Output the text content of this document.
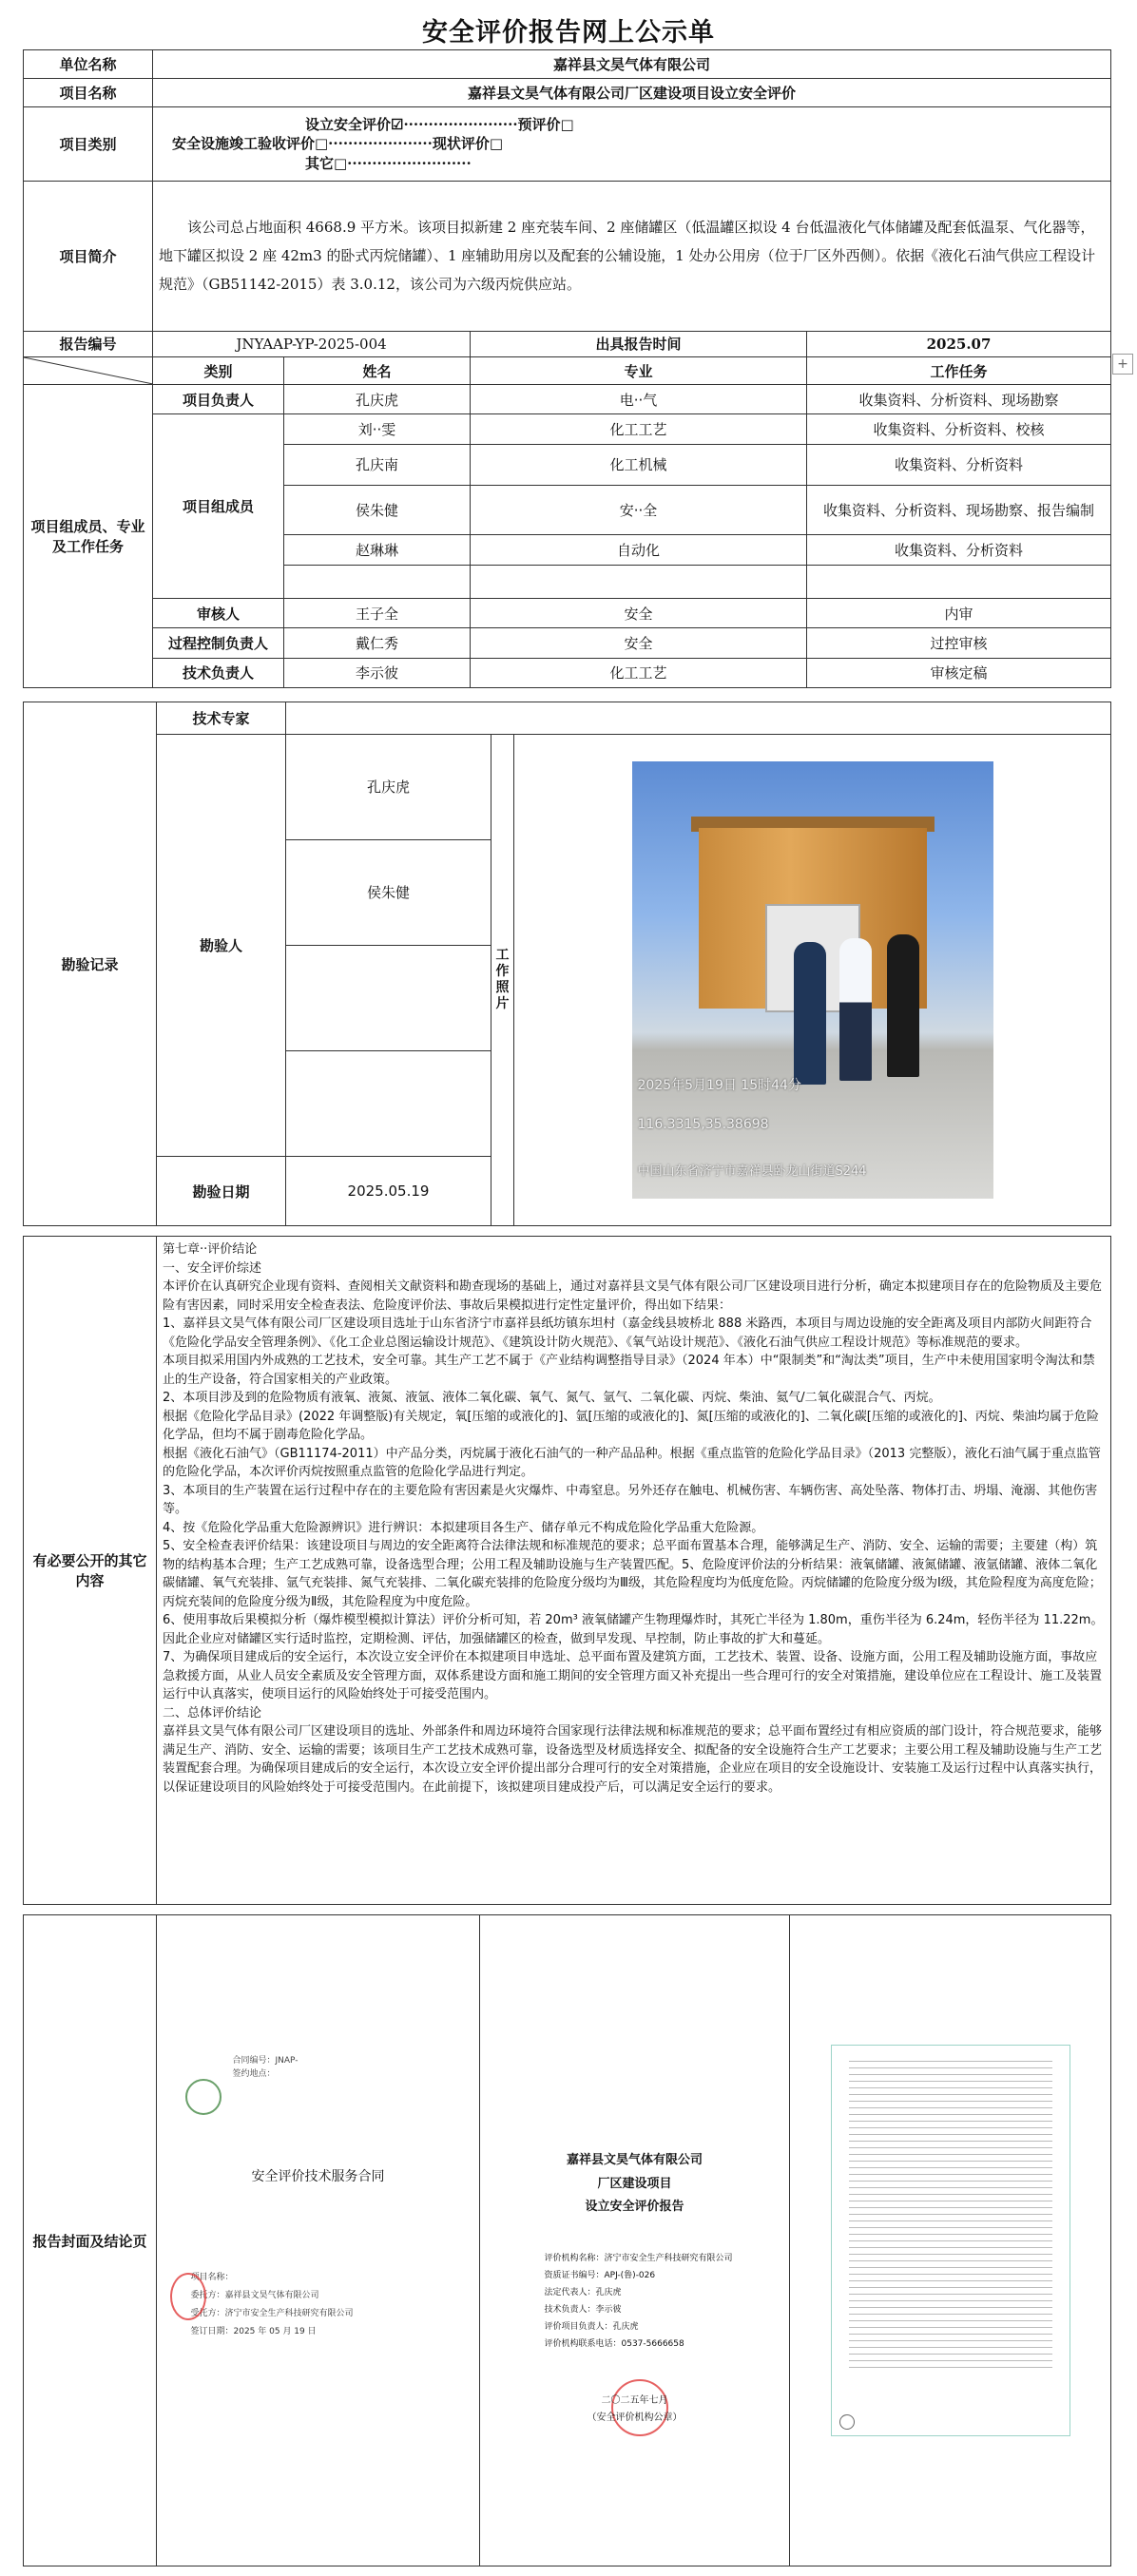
安全评价报告网上公示单
单位名称	嘉祥县文昊气体有限公司			
项目名称	嘉祥县文昊气体有限公司厂区建设项目设立安全评价			
项目类别	设立安全评价☑·······················预评价□
安全设施竣工验收评价□·····················现状评价□
其它□·························			

项目简介	该公司总占地面积 4668.9 平方米。该项目拟新建 2 座充装车间、2 座储罐区（低温罐区拟设 4 台低温液化气体储罐及配套低温泵、气化器等，地下罐区拟设 2 座 42m3 的卧式丙烷储罐）、1 座辅助用房以及配套的公辅设施，1 处办公用房（位于厂区外西侧）。依据《液化石油气供应工程设计规范》（GB51142-2015）表 3.0.12，该公司为六级丙烷供应站。			
报告编号	JNYAAP-YP-2025-004		出具报告时间	2025.07

	类别	姓名	专业	工作任务
项目组成员、专业及工作任务	项目负责人	孔庆虎	电··气	收集资料、分析资料、现场勘察
	项目组成员	刘··雯	化工工艺	收集资料、分析资料、校核
		孔庆南	化工机械	收集资料、分析资料
		侯朱健	安··全	收集资料、分析资料、现场勘察、报告编制
		赵琳琳	自动化	收集资料、分析资料

	审核人	王子全	安全	内审
	过程控制负责人	戴仁秀	安全	过控审核
	技术负责人	李示彼	化工工艺	审核定稿
勘验记录	技术专家			
	勘验人	孔庆虎	工作照片	2025年5月19日 15时44分
116.3315,35.38698
中国山东省济宁市嘉祥县卧龙山街道S244

		侯朱健		

	勘验日期	2025.05.19		
有必要公开的其它内容	
第七章··评价结论
一、安全评价综述
本评价在认真研究企业现有资料、查阅相关文献资料和勘查现场的基础上，通过对嘉祥县文昊气体有限公司厂区建设项目进行分析，确定本拟建项目存在的危险物质及主要危险有害因素，同时采用安全检查表法、危险度评价法、事故后果模拟进行定性定量评价，得出如下结果：
1、嘉祥县文昊气体有限公司厂区建设项目选址于山东省济宁市嘉祥县纸坊镇东坦村（嘉金线县坡桥北 888 米路西，本项目与周边设施的安全距离及项目内部防火间距符合《危险化学品安全管理条例》、《化工企业总图运输设计规范》、《建筑设计防火规范》、《氧气站设计规范》、《液化石油气供应工程设计规范》等标准规范的要求。
本项目拟采用国内外成熟的工艺技术，安全可靠。其生产工艺不属于《产业结构调整指导目录》（2024 年本）中“限制类”和“淘汰类”项目，生产中未使用国家明令淘汰和禁止的生产设备，符合国家相关的产业政策。
2、本项目涉及到的危险物质有液氧、液氮、液氩、液体二氧化碳、氧气、氮气、氩气、二氧化碳、丙烷、柴油、氦气/二氧化碳混合气、丙烷。
根据《危险化学品目录》(2022 年调整版)有关规定，氧[压缩的或液化的]、氩[压缩的或液化的]、氮[压缩的或液化的]、二氧化碳[压缩的或液化的]、丙烷、柴油均属于危险化学品，但均不属于剧毒危险化学品。
根据《液化石油气》（GB11174-2011）中产品分类，丙烷属于液化石油气的一种产品品种。根据《重点监管的危险化学品目录》（2013 完整版），液化石油气属于重点监管的危险化学品，本次评价丙烷按照重点监管的危险化学品进行判定。
3、本项目的生产装置在运行过程中存在的主要危险有害因素是火灾爆炸、中毒窒息。另外还存在触电、机械伤害、车辆伤害、高处坠落、物体打击、坍塌、淹溺、其他伤害等。
4、按《危险化学品重大危险源辨识》进行辨识：本拟建项目各生产、储存单元不构成危险化学品重大危险源。
5、安全检查表评价结果：该建设项目与周边的安全距离符合法律法规和标准规范的要求；总平面布置基本合理，能够满足生产、消防、安全、运输的需要；主要建（构）筑物的结构基本合理；生产工艺成熟可靠，设备选型合理；公用工程及辅助设施与生产装置匹配。5、危险度评价法的分析结果：液氧储罐、液氮储罐、液氩储罐、液体二氧化碳储罐、氧气充装排、氩气充装排、氮气充装排、二氧化碳充装排的危险度分级均为Ⅲ级，其危险程度均为低度危险。丙烷储罐的危险度分级为Ⅰ级，其危险程度为高度危险；丙烷充装间的危险度分级为Ⅱ级，其危险程度为中度危险。
6、使用事故后果模拟分析（爆炸模型模拟计算法）评价分析可知，若 20m³ 液氧储罐产生物理爆炸时，其死亡半径为 1.80m，重伤半径为 6.24m，轻伤半径为 11.22m。因此企业应对储罐区实行适时监控，定期检测、评估，加强储罐区的检查，做到早发现、早控制，防止事故的扩大和蔓延。
7、为确保项目建成后的安全运行，本次设立安全评价在本拟建项目申选址、总平面布置及建筑方面，工艺技术、装置、设备、设施方面，公用工程及辅助设施方面，事故应急救援方面，从业人员安全素质及安全管理方面，双体系建设方面和施工期间的安全管理方面又补充提出一些合理可行的安全对策措施，建设单位应在工程设计、施工及装置运行中认真落实，使项目运行的风险始终处于可接受范围内。
二、总体评价结论
嘉祥县文昊气体有限公司厂区建设项目的选址、外部条件和周边环境符合国家现行法律法规和标准规范的要求；总平面布置经过有相应资质的部门设计，符合规范要求，能够满足生产、消防、安全、运输的需要；该项目生产工艺技术成熟可靠，设备选型及材质选择安全、拟配备的安全设施符合生产工艺要求；主要公用工程及辅助设施与生产工艺装置配套合理。为确保项目建成后的安全运行，本次设立安全评价提出部分合理可行的安全对策措施，企业应在项目的安全设施设计、安装施工及运行过程中认真落实执行，以保证建设项目的风险始终处于可接受范围内。在此前提下，该拟建项目建成投产后，可以满足安全运行的要求。
报告封面及结论页	
合同编号：JNAP-
签约地点：
安全评价技术服务合同
项目名称：
委托方：嘉祥县文昊气体有限公司
受托方：济宁市安全生产科技研究有限公司
签订日期：2025 年 05 月 19 日

嘉祥县文昊气体有限公司
厂区建设项目
设立安全评价报告
评价机构名称：济宁市安全生产科技研究有限公司
资质证书编号：APJ-(鲁)-026
法定代表人：孔庆虎
技术负责人：李示彼
评价项目负责人：孔庆虎
评价机构联系电话：0537-5666658
二〇二五年七月
（安全评价机构公章）

+
